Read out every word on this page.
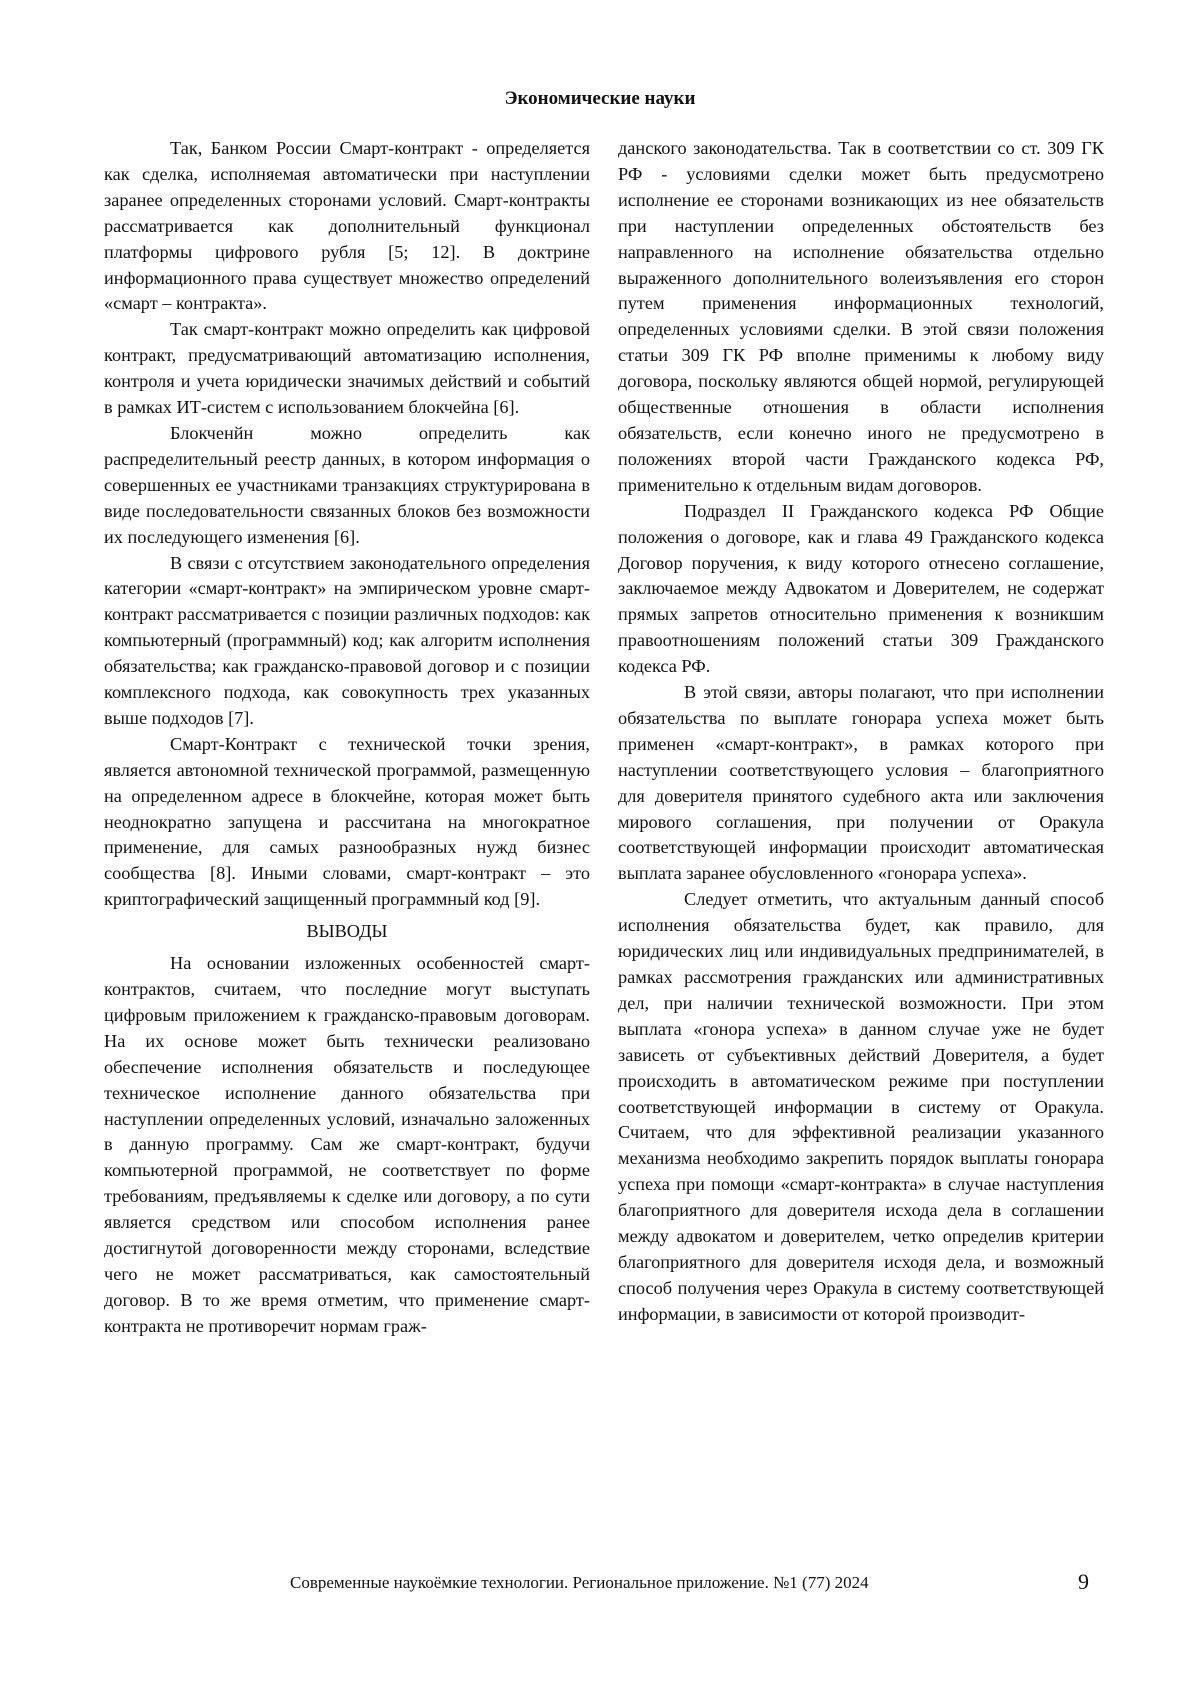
Экономические науки

Так, Банком России Смарт-контракт - определяется как сделка, исполняемая автоматически при наступлении заранее определенных сторонами условий. Смарт-контракты рассматривается как дополнительный функционал платформы цифрового рубля [5; 12]. В доктрине информационного права существует множество определений «смарт – контракта».

Так смарт-контракт можно определить как цифровой контракт, предусматривающий автоматизацию исполнения, контроля и учета юридически значимых действий и событий в рамках ИТ-систем с использованием блокчейна [6].

Блокченйн можно определить как распределительный реестр данных, в котором информация о совершенных ее участниками транзакциях структурирована в виде последовательности связанных блоков без возможности их последующего изменения [6].

В связи с отсутствием законодательного определения категории «смарт-контракт» на эмпирическом уровне смарт-контракт рассматривается с позиции различных подходов: как компьютерный (программный) код; как алгоритм исполнения обязательства; как гражданско-правовой договор и с позиции комплексного подхода, как совокупность трех указанных выше подходов [7].

Смарт-Контракт с технической точки зрения, является автономной технической программой, размещенную на определенном адресе в блокчейне, которая может быть неоднократно запущена и рассчитана на многократное применение, для самых разнообразных нужд бизнес сообщества [8]. Иными словами, смарт-контракт – это криптографический защищенный программный код [9].

ВЫВОДЫ

На основании изложенных особенностей смарт-контрактов, считаем, что последние могут выступать цифровым приложением к гражданско-правовым договорам. На их основе может быть технически реализовано обеспечение исполнения обязательств и последующее техническое исполнение данного обязательства при наступлении определенных условий, изначально заложенных в данную программу. Сам же смарт-контракт, будучи компьютерной программой, не соответствует по форме требованиям, предъявляемы к сделке или договору, а по сути является средством или способом исполнения ранее достигнутой договоренности между сторонами, вследствие чего не может рассматриваться, как самостоятельный договор. В то же время отметим, что применение смарт-контракта не противоречит нормам граж-

данского законодательства. Так в соответствии со ст. 309 ГК РФ - условиями сделки может быть предусмотрено исполнение ее сторонами возникающих из нее обязательств при наступлении определенных обстоятельств без направленного на исполнение обязательства отдельно выраженного дополнительного волеизъявления его сторон путем применения информационных технологий, определенных условиями сделки. В этой связи положения статьи 309 ГК РФ вполне применимы к любому виду договора, поскольку являются общей нормой, регулирующей общественные отношения в области исполнения обязательств, если конечно иного не предусмотрено в положениях второй части Гражданского кодекса РФ, применительно к отдельным видам договоров.

Подраздел II Гражданского кодекса РФ Общие положения о договоре, как и глава 49 Гражданского кодекса Договор поручения, к виду которого отнесено соглашение, заключаемое между Адвокатом и Доверителем, не содержат прямых запретов относительно применения к возникшим правоотношениям положений статьи 309 Гражданского кодекса РФ.

В этой связи, авторы полагают, что при исполнении обязательства по выплате гонорара успеха может быть применен «смарт-контракт», в рамках которого при наступлении соответствующего условия – благоприятного для доверителя принятого судебного акта или заключения мирового соглашения, при получении от Оракула соответствующей информации происходит автоматическая выплата заранее обусловленного «гонорара успеха».

Следует отметить, что актуальным данный способ исполнения обязательства будет, как правило, для юридических лиц или индивидуальных предпринимателей, в рамках рассмотрения гражданских или административных дел, при наличии технической возможности. При этом выплата «гонора успеха» в данном случае уже не будет зависеть от субъективных действий Доверителя, а будет происходить в автоматическом режиме при поступлении соответствующей информации в систему от Оракула. Считаем, что для эффективной реализации указанного механизма необходимо закрепить порядок выплаты гонорара успеха при помощи «смарт-контракта» в случае наступления благоприятного для доверителя исхода дела в соглашении между адвокатом и доверителем, четко определив критерии благоприятного для доверителя исходя дела, и возможный способ получения через Оракула в систему соответствующей информации, в зависимости от которой производит-

Современные наукоёмкие технологии. Региональное приложение. №1 (77) 2024	9
